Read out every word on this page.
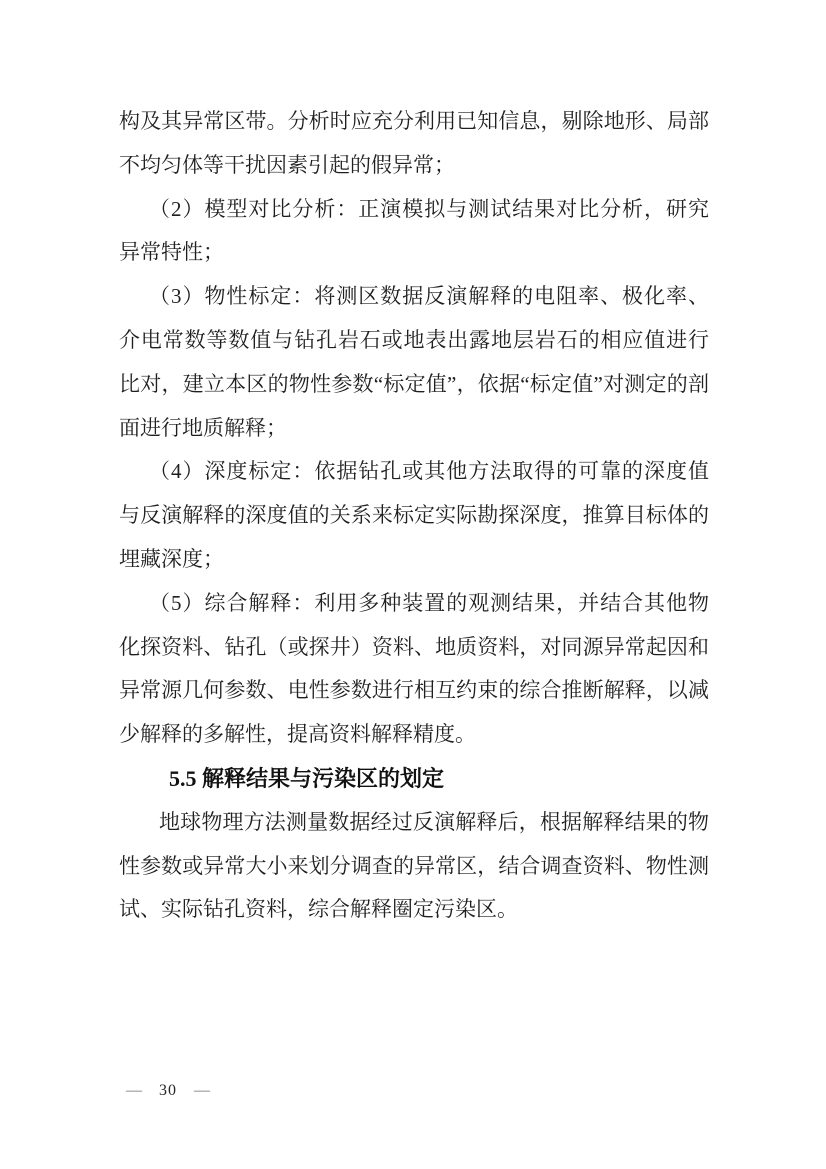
构及其异常区带。分析时应充分利用已知信息，剔除地形、局部
不均匀体等干扰因素引起的假异常；
（2）模型对比分析：正演模拟与测试结果对比分析，研究
异常特性；
（3）物性标定：将测区数据反演解释的电阻率、极化率、
介电常数等数值与钻孔岩石或地表出露地层岩石的相应值进行
比对，建立本区的物性参数“标定值”，依据“标定值”对测定的剖
面进行地质解释；
（4）深度标定：依据钻孔或其他方法取得的可靠的深度值
与反演解释的深度值的关系来标定实际勘探深度，推算目标体的
埋藏深度；
（5）综合解释：利用多种装置的观测结果，并结合其他物
化探资料、钻孔（或探井）资料、地质资料，对同源异常起因和
异常源几何参数、电性参数进行相互约束的综合推断解释，以减
少解释的多解性，提高资料解释精度。
5.5 解释结果与污染区的划定
地球物理方法测量数据经过反演解释后，根据解释结果的物
性参数或异常大小来划分调查的异常区，结合调查资料、物性测
试、实际钻孔资料，综合解释圈定污染区。
— 30 —
